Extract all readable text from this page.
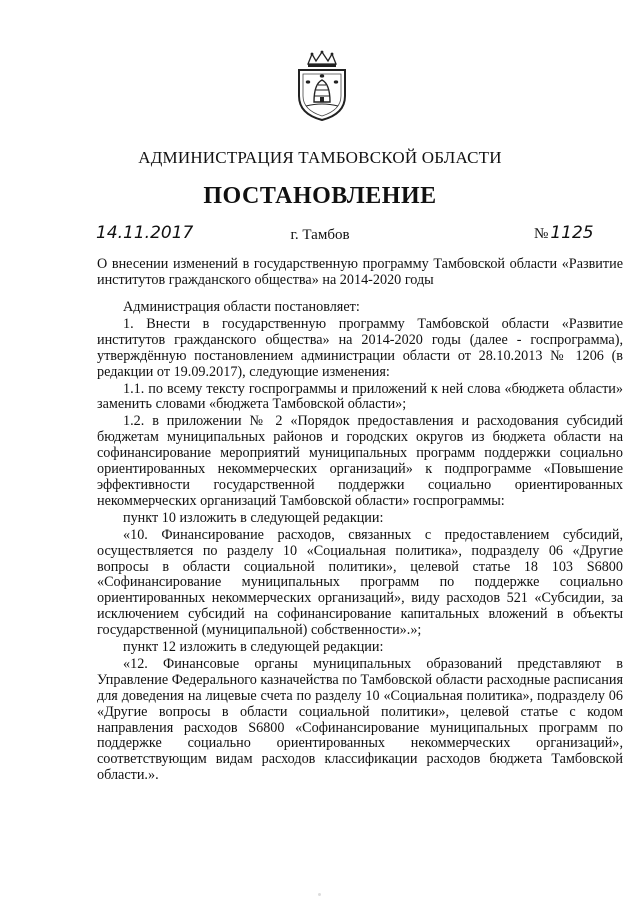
АДМИНИСТРАЦИЯ ТАМБОВСКОЙ ОБЛАСТИ
ПОСТАНОВЛЕНИЕ
14.11.2017	г. Тамбов	№ 1125
О внесении изменений в государственную программу Тамбовской области «Развитие институтов гражданского общества» на 2014-2020 годы

Администрация области постановляет:

1. Внести в государственную программу Тамбовской области «Развитие институтов гражданского общества» на 2014-2020 годы (далее - госпрограмма), утверждённую постановлением администрации области от 28.10.2013 № 1206 (в редакции от 19.09.2017), следующие изменения:

1.1. по всему тексту госпрограммы и приложений к ней слова «бюджета области» заменить словами «бюджета Тамбовской области»;

1.2. в приложении № 2 «Порядок предоставления и расходования субсидий бюджетам муниципальных районов и городских округов из бюджета области на софинансирование мероприятий муниципальных программ поддержки социально ориентированных некоммерческих организаций» к подпрограмме «Повышение эффективности государственной поддержки социально ориентированных некоммерческих организаций Тамбовской области» госпрограммы:

пункт 10 изложить в следующей редакции:

«10. Финансирование расходов, связанных с предоставлением субсидий, осуществляется по разделу 10 «Социальная политика», подразделу 06 «Другие вопросы в области социальной политики», целевой статье 18 103 S6800 «Софинансирование муниципальных программ по поддержке социально ориентированных некоммерческих организаций», виду расходов 521 «Субсидии, за исключением субсидий на софинансирование капитальных вложений в объекты государственной (муниципальной) собственности».»;

пункт 12 изложить в следующей редакции:

«12. Финансовые органы муниципальных образований представляют в Управление Федерального казначейства по Тамбовской области расходные расписания для доведения на лицевые счета по разделу 10 «Социальная политика», подразделу 06 «Другие вопросы в области социальной политики», целевой статье с кодом направления расходов S6800 «Софинансирование муниципальных программ по поддержке социально ориентированных некоммерческих организаций», соответствующим видам расходов классификации расходов бюджета Тамбовской области.».
